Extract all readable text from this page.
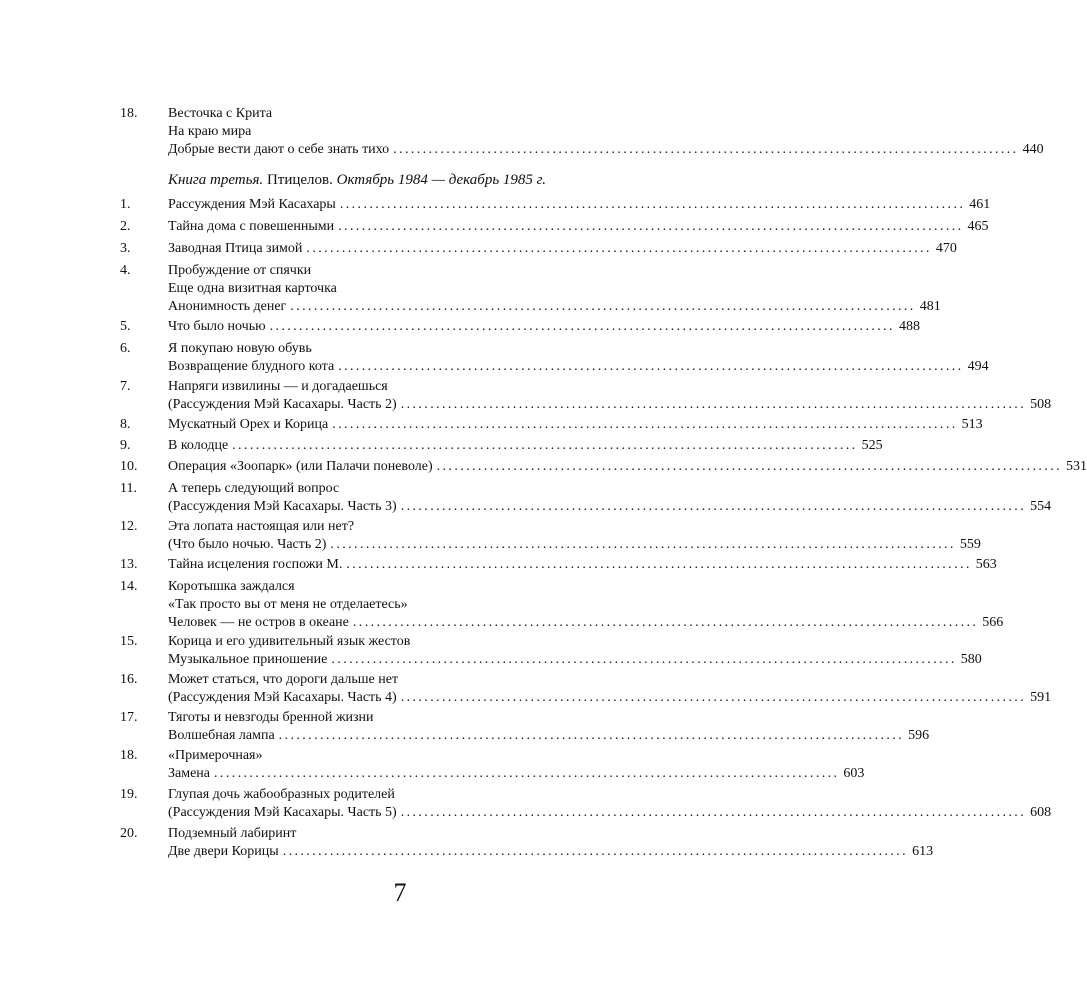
18. Весточка с Крита
На краю мира
Добрые вести дают о себе знать тихо .......................................................................................................... 440
Книга третья. Птицелов. Октябрь 1984 — декабрь 1985 г.
1.	Рассуждения Мэй Касахары .......................................................................................................... 461
2.	Тайна дома с повешенными .......................................................................................................... 465
3.	Заводная Птица зимой .......................................................................................................... 470
4.	Пробуждение от спячки
Еще одна визитная карточка
Анонимность денег .......................................................................................................... 481
5.	Что было ночью .......................................................................................................... 488
6.	Я покупаю новую обувь
Возвращение блудного кота .......................................................................................................... 494
7.	Напряги извилины — и догадаешься
(Рассуждения Мэй Касахары. Часть 2) .......................................................................................................... 508
8.	Мускатный Орех и Корица .......................................................................................................... 513
9.	В колодце .......................................................................................................... 525
10. Операция «Зоопарк» (или Палачи поневоле) .......................................................................................................... 531
11. А теперь следующий вопрос
(Рассуждения Мэй Касахары. Часть 3) .......................................................................................................... 554
12. Эта лопата настоящая или нет?
(Что было ночью. Часть 2) .......................................................................................................... 559
13. Тайна исцеления госпожи М. .......................................................................................................... 563
14. Коротышка заждался
«Так просто вы от меня не отделаетесь»
Человек — не остров в океане .......................................................................................................... 566
15. Корица и его удивительный язык жестов
Музыкальное приношение .......................................................................................................... 580
16. Может статься, что дороги дальше нет
(Рассуждения Мэй Касахары. Часть 4) .......................................................................................................... 591
17. Тяготы и невзгоды бренной жизни
Волшебная лампа .......................................................................................................... 596
18. «Примерочная»
Замена .......................................................................................................... 603
19. Глупая дочь жабообразных родителей
(Рассуждения Мэй Касахары. Часть 5) .......................................................................................................... 608
20. Подземный лабиринт
Две двери Корицы .......................................................................................................... 613
7
